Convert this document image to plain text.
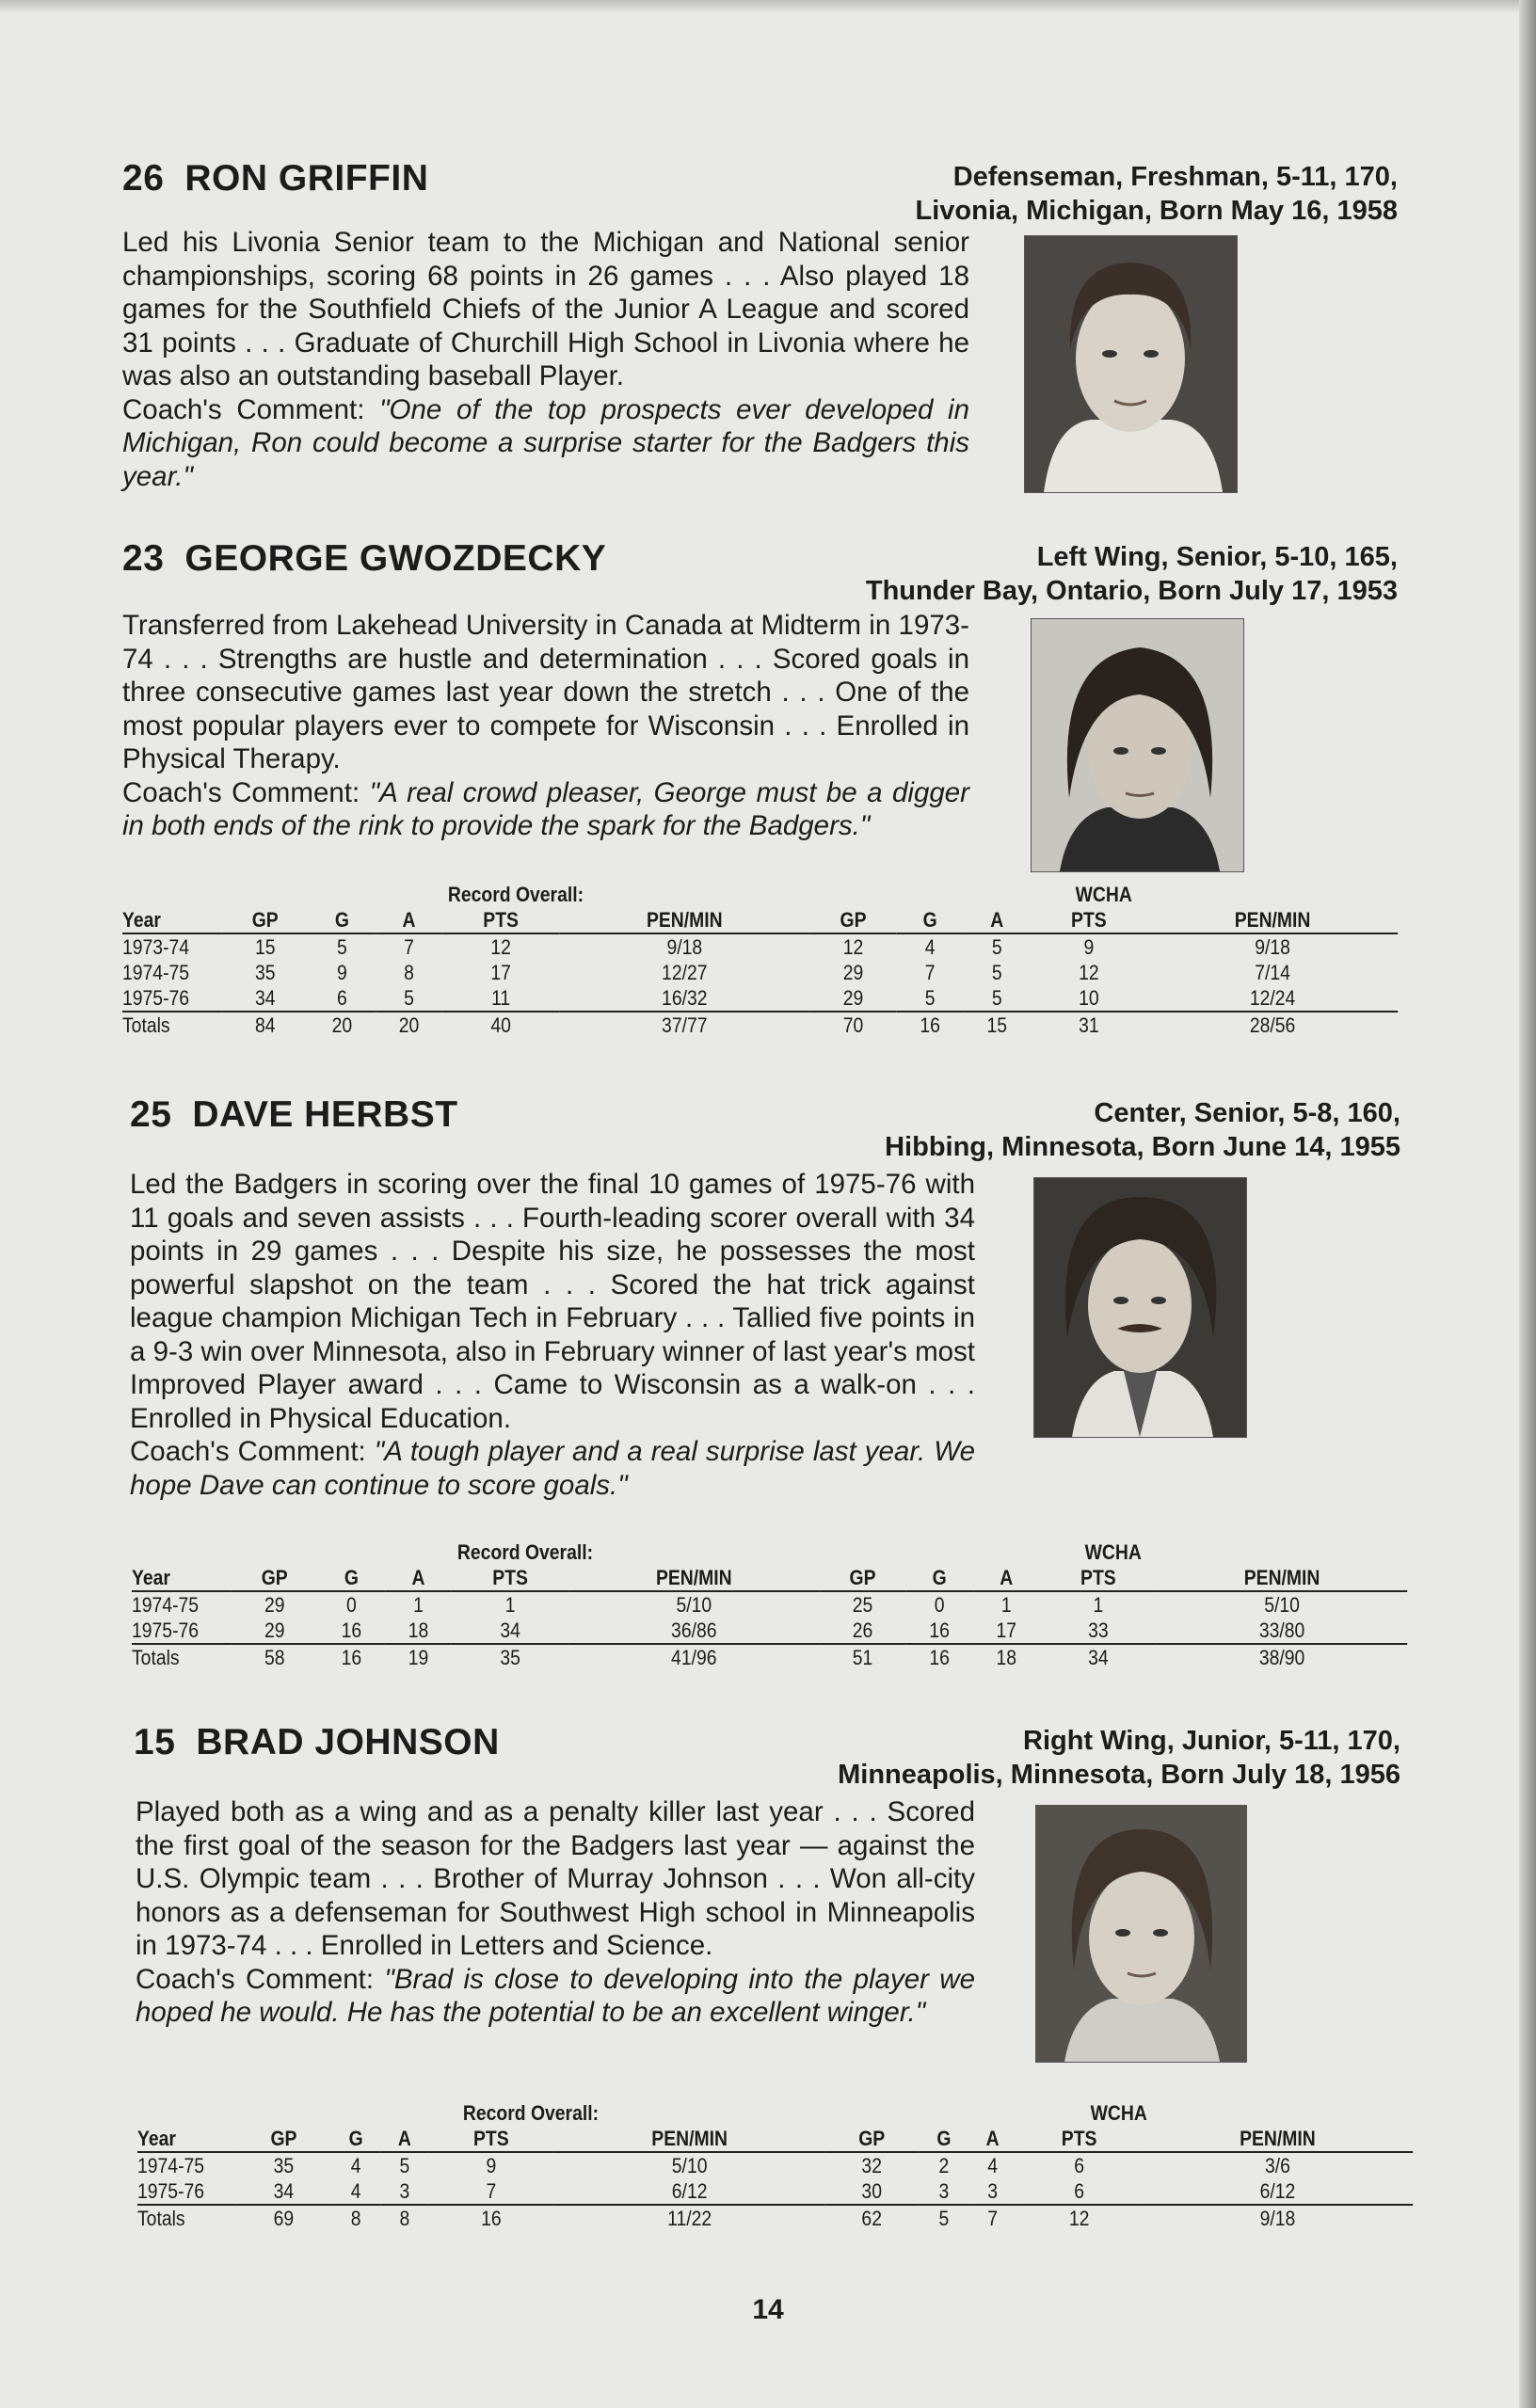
26 RON GRIFFIN	Defenseman, Freshman, 5-11, 170,
Livonia, Michigan, Born May 16, 1958

Led his Livonia Senior team to the Michigan and National senior championships, scoring 68 points in 26 games . . . Also played 18 games for the Southfield Chiefs of the Junior A League and scored 31 points . . . Graduate of Churchill High School in Livonia where he was also an outstanding baseball Player.

Coach's Comment: "One of the top prospects ever developed in Michigan, Ron could become a surprise starter for the Badgers this year."

23 GEORGE GWOZDECKY	Left Wing, Senior, 5-10, 165,
Thunder Bay, Ontario, Born July 17, 1953

Transferred from Lakehead University in Canada at Midterm in 1973-74 . . . Strengths are hustle and determination . . . Scored goals in three consecutive games last year down the stretch . . . One of the most popular players ever to compete for Wisconsin . . . Enrolled in Physical Therapy.

Coach's Comment: "A real crowd pleaser, George must be a digger in both ends of the rink to provide the spark for the Badgers."

	Record Overall:					WCHA				
Year	GP	G	A	PTS	PEN/MIN	GP	G	A	PTS	PEN/MIN
1973-74	15	5	7	12	9/18	12	4	5	9	9/18
1974-75	35	9	8	17	12/27	29	7	5	12	7/14
1975-76	34	6	5	11	16/32	29	5	5	10	12/24
Totals	84	20	20	40	37/77	70	16	15	31	28/56
25 DAVE HERBST	Center, Senior, 5-8, 160,
Hibbing, Minnesota, Born June 14, 1955

Led the Badgers in scoring over the final 10 games of 1975-76 with 11 goals and seven assists . . . Fourth-leading scorer overall with 34 points in 29 games . . . Despite his size, he possesses the most powerful slapshot on the team . . . Scored the hat trick against league champion Michigan Tech in February . . . Tallied five points in a 9-3 win over Minnesota, also in February winner of last year's most Improved Player award . . . Came to Wisconsin as a walk-on . . . Enrolled in Physical Education.

Coach's Comment: "A tough player and a real surprise last year. We hope Dave can continue to score goals."

	Record Overall:					WCHA				
Year	GP	G	A	PTS	PEN/MIN	GP	G	A	PTS	PEN/MIN
1974-75	29	0	1	1	5/10	25	0	1	1	5/10
1975-76	29	16	18	34	36/86	26	16	17	33	33/80
Totals	58	16	19	35	41/96	51	16	18	34	38/90
15 BRAD JOHNSON	Right Wing, Junior, 5-11, 170,
Minneapolis, Minnesota, Born July 18, 1956

Played both as a wing and as a penalty killer last year . . . Scored the first goal of the season for the Badgers last year — against the U.S. Olympic team . . . Brother of Murray Johnson . . . Won all-city honors as a defenseman for Southwest High school in Minneapolis in 1973-74 . . . Enrolled in Letters and Science.

Coach's Comment: "Brad is close to developing into the player we hoped he would. He has the potential to be an excellent winger."

	Record Overall:					WCHA				
Year	GP	G	A	PTS	PEN/MIN	GP	G	A	PTS	PEN/MIN
1974-75	35	4	5	9	5/10	32	2	4	6	3/6
1975-76	34	4	3	7	6/12	30	3	3	6	6/12
Totals	69	8	8	16	11/22	62	5	7	12	9/18
14
